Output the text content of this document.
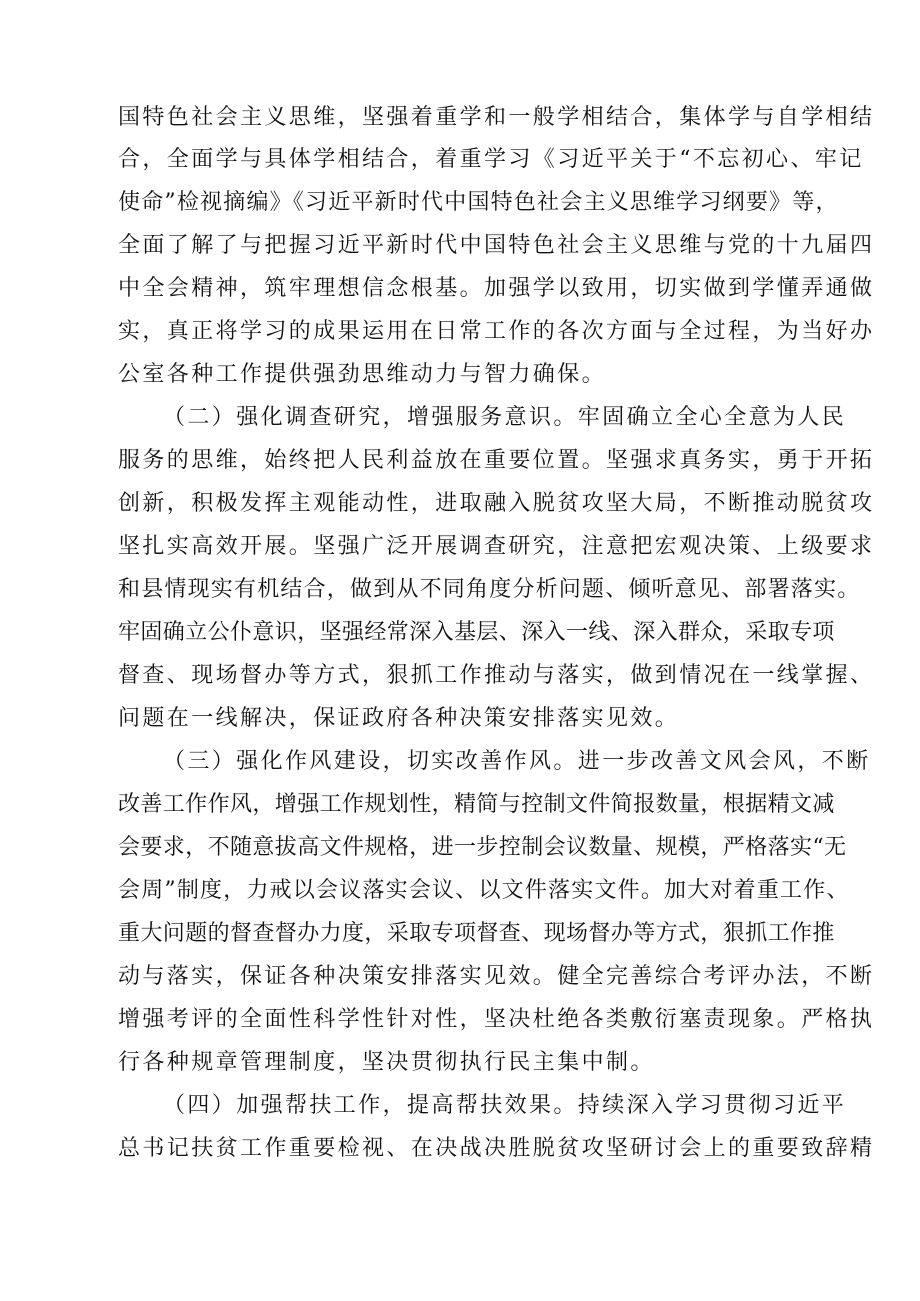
国特色社会主义思维，坚强着重学和一般学相结合，集体学与自学相结
合，全面学与具体学相结合，着重学习《习近平关于“不忘初心、牢记
使命”检视摘编》《习近平新时代中国特色社会主义思维学习纲要》等，
全面了解了与把握习近平新时代中国特色社会主义思维与党的十九届四
中全会精神，筑牢理想信念根基。加强学以致用，切实做到学懂弄通做
实，真正将学习的成果运用在日常工作的各次方面与全过程，为当好办
公室各种工作提供强劲思维动力与智力确保。
（二）强化调查研究，增强服务意识。牢固确立全心全意为人民
服务的思维，始终把人民利益放在重要位置。坚强求真务实，勇于开拓
创新，积极发挥主观能动性，进取融入脱贫攻坚大局，不断推动脱贫攻
坚扎实高效开展。坚强广泛开展调查研究，注意把宏观决策、上级要求
和县情现实有机结合，做到从不同角度分析问题、倾听意见、部署落实。
牢固确立公仆意识，坚强经常深入基层、深入一线、深入群众，采取专项
督查、现场督办等方式，狠抓工作推动与落实，做到情况在一线掌握、
问题在一线解决，保证政府各种决策安排落实见效。
（三）强化作风建设，切实改善作风。进一步改善文风会风，不断
改善工作作风，增强工作规划性，精简与控制文件简报数量，根据精文减
会要求，不随意拔高文件规格，进一步控制会议数量、规模，严格落实“无
会周”制度，力戒以会议落实会议、以文件落实文件。加大对着重工作、
重大问题的督查督办力度，采取专项督查、现场督办等方式，狠抓工作推
动与落实，保证各种决策安排落实见效。健全完善综合考评办法，不断
增强考评的全面性科学性针对性，坚决杜绝各类敷衍塞责现象。严格执
行各种规章管理制度，坚决贯彻执行民主集中制。
（四）加强帮扶工作，提高帮扶效果。持续深入学习贯彻习近平
总书记扶贫工作重要检视、在决战决胜脱贫攻坚研讨会上的重要致辞精
